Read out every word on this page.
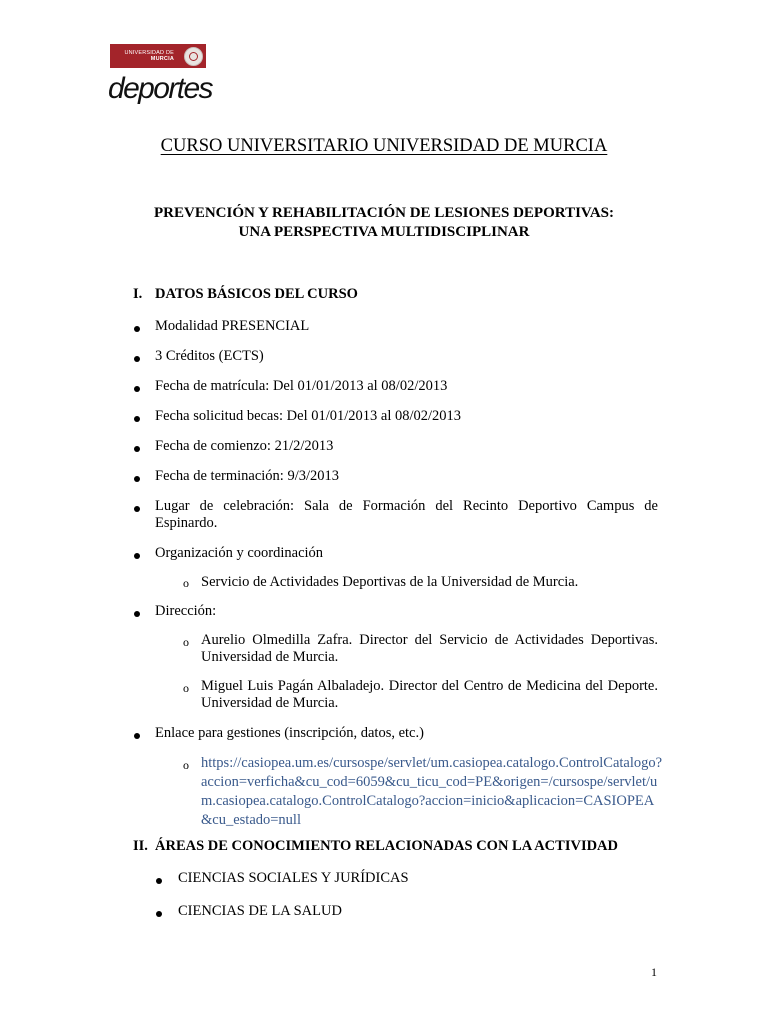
UNIVERSIDAD DE
MURCIA
deportes
CURSO UNIVERSITARIO UNIVERSIDAD DE MURCIA
PREVENCIÓN Y REHABILITACIÓN DE LESIONES DEPORTIVAS:
UNA PERSPECTIVA MULTIDISCIPLINAR
I. DATOS BÁSICOS DEL CURSO
Modalidad PRESENCIAL
3 Créditos (ECTS)
Fecha de matrícula: Del 01/01/2013 al 08/02/2013
Fecha solicitud becas: Del 01/01/2013 al 08/02/2013
Fecha de comienzo: 21/2/2013
Fecha de terminación: 9/3/2013
Lugar de celebración: Sala de Formación del Recinto Deportivo Campus de Espinardo.
Organización y coordinación
o Servicio de Actividades Deportivas de la Universidad de Murcia.
Dirección:
o Aurelio Olmedilla Zafra. Director del Servicio de Actividades Deportivas. Universidad de Murcia.
o Miguel Luis Pagán Albaladejo. Director del Centro de Medicina del Deporte. Universidad de Murcia.
Enlace para gestiones (inscripción, datos, etc.)
o https://casiopea.um.es/cursospe/servlet/um.casiopea.catalogo.ControlCatalogo?accion=verficha&cu_cod=6059&cu_ticu_cod=PE&origen=/cursospe/servlet/um.casiopea.catalogo.ControlCatalogo?accion=inicio&aplicacion=CASIOPEA&cu_estado=null
II. ÁREAS DE CONOCIMIENTO RELACIONADAS CON LA ACTIVIDAD
CIENCIAS SOCIALES Y JURÍDICAS
CIENCIAS DE LA SALUD
1
